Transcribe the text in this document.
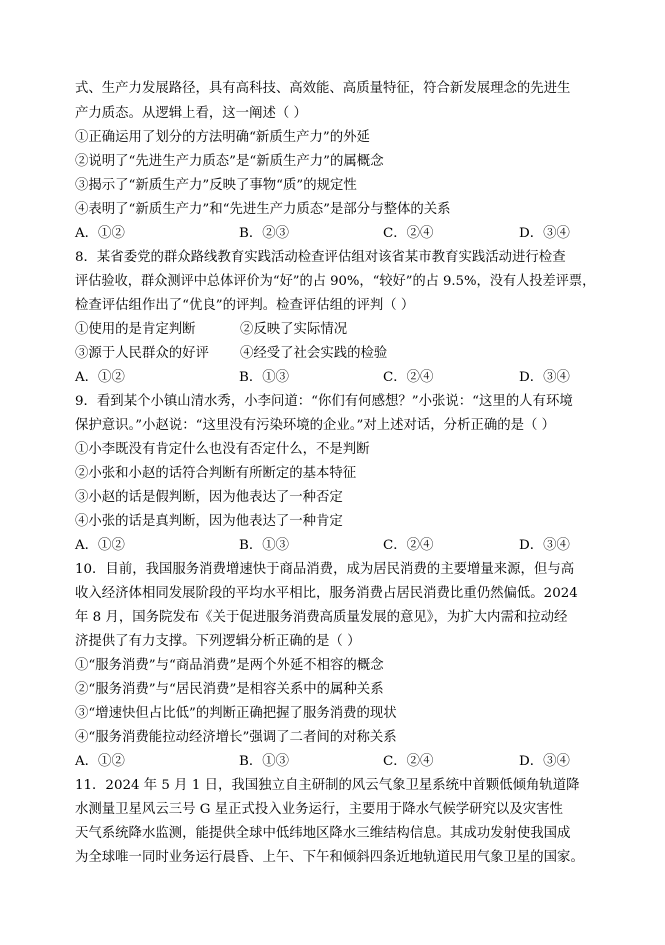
式、生产力发展路径，具有高科技、高效能、高质量特征，符合新发展理念的先进生
产力质态。从逻辑上看，这一阐述（ ）
①正确运用了划分的方法明确“新质生产力”的外延
②说明了“先进生产力质态”是“新质生产力”的属概念
③揭示了“新质生产力”反映了事物“质”的规定性
④表明了“新质生产力”和“先进生产力质态”是部分与整体的关系
A．①②	B．②③	C．②④	D．③④
8．某省委党的群众路线教育实践活动检查评估组对该省某市教育实践活动进行检查
评估验收，群众测评中总体评价为“好”的占 90%，“较好”的占 9.5%，没有人投差评票，
检查评估组作出了“优良”的评判。检查评估组的评判（ ）
①使用的是肯定判断	②反映了实际情况
③源于人民群众的好评 ④经受了社会实践的检验
A．①②	B．①③	C．②④	D．③④
9．看到某个小镇山清水秀，小李问道：“你们有何感想？”小张说：“这里的人有环境
保护意识。”小赵说：“这里没有污染环境的企业。”对上述对话，分析正确的是（ ）
①小李既没有肯定什么也没有否定什么，不是判断
②小张和小赵的话符合判断有所断定的基本特征
③小赵的话是假判断，因为他表达了一种否定
④小张的话是真判断，因为他表达了一种肯定
A．①②	B．①③	C．②④	D．③④
10．目前，我国服务消费增速快于商品消费，成为居民消费的主要增量来源，但与高
收入经济体相同发展阶段的平均水平相比，服务消费占居民消费比重仍然偏低。2024
年 8 月，国务院发布《关于促进服务消费高质量发展的意见》，为扩大内需和拉动经
济提供了有力支撑。下列逻辑分析正确的是（ ）
①“服务消费”与“商品消费”是两个外延不相容的概念
②“服务消费”与“居民消费”是相容关系中的属种关系
③“增速快但占比低”的判断正确把握了服务消费的现状
④“服务消费能拉动经济增长”强调了二者间的对称关系
A．①②	B．①③	C．②④	D．③④
11．2024 年 5 月 1 日，我国独立自主研制的风云气象卫星系统中首颗低倾角轨道降
水测量卫星风云三号 G 星正式投入业务运行，主要用于降水气候学研究以及灾害性
天气系统降水监测，能提供全球中低纬地区降水三维结构信息。其成功发射使我国成
为全球唯一同时业务运行晨昏、上午、下午和倾斜四条近地轨道民用气象卫星的国家。
